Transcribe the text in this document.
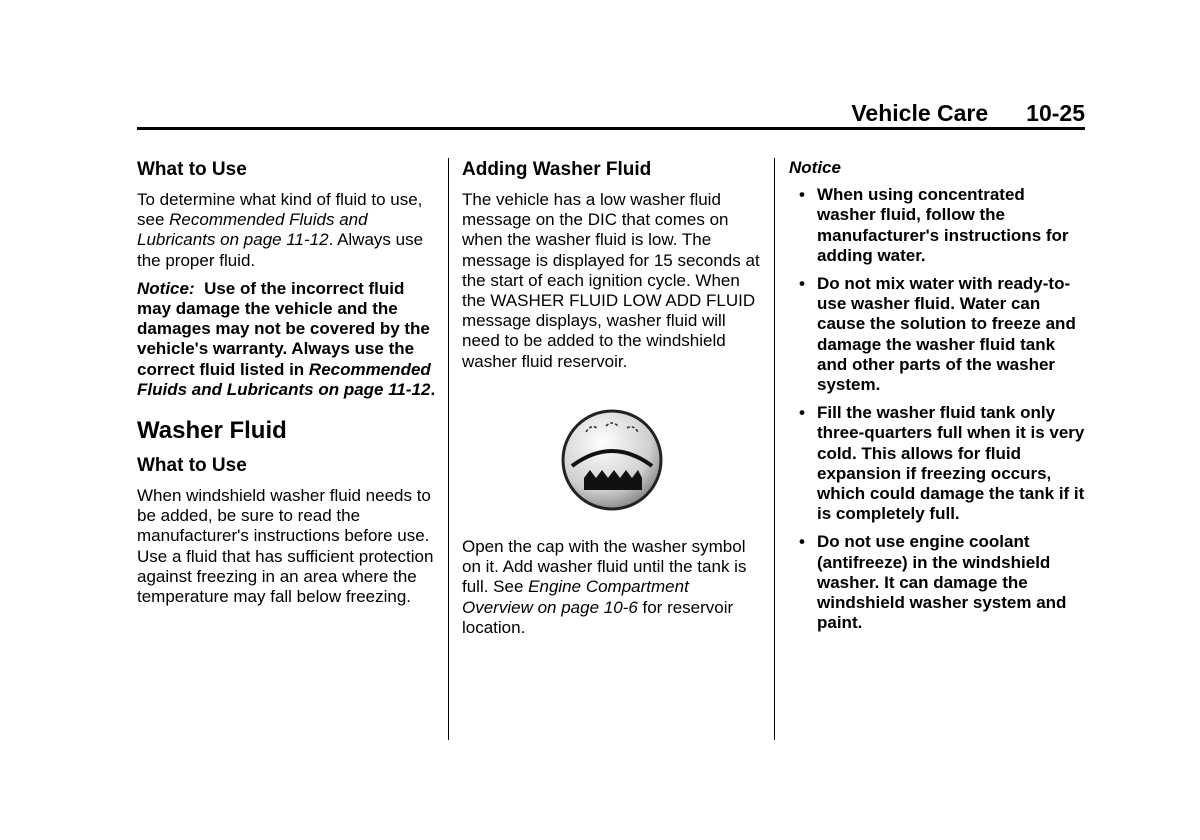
Vehicle Care 10-25
What to Use

To determine what kind of fluid to use, see Recommended Fluids and Lubricants on page 11-12. Always use the proper fluid.

Notice: Use of the incorrect fluid may damage the vehicle and the damages may not be covered by the vehicle's warranty. Always use the correct fluid listed in Recommended Fluids and Lubricants on page 11-12.

Washer Fluid
What to Use

When windshield washer fluid needs to be added, be sure to read the manufacturer's instructions before use. Use a fluid that has sufficient protection against freezing in an area where the temperature may fall below freezing.

Adding Washer Fluid

The vehicle has a low washer fluid message on the DIC that comes on when the washer fluid is low. The message is displayed for 15 seconds at the start of each ignition cycle. When the WASHER FLUID LOW ADD FLUID message displays, washer fluid will need to be added to the windshield washer fluid reservoir.

Open the cap with the washer symbol on it. Add washer fluid until the tank is full. See Engine Compartment Overview on page 10-6 for reservoir location.

Notice
• When using concentrated washer fluid, follow the manufacturer's instructions for adding water.
• Do not mix water with ready-to-use washer fluid. Water can cause the solution to freeze and damage the washer fluid tank and other parts of the washer system.
• Fill the washer fluid tank only three-quarters full when it is very cold. This allows for fluid expansion if freezing occurs, which could damage the tank if it is completely full.
• Do not use engine coolant (antifreeze) in the windshield washer. It can damage the windshield washer system and paint.
